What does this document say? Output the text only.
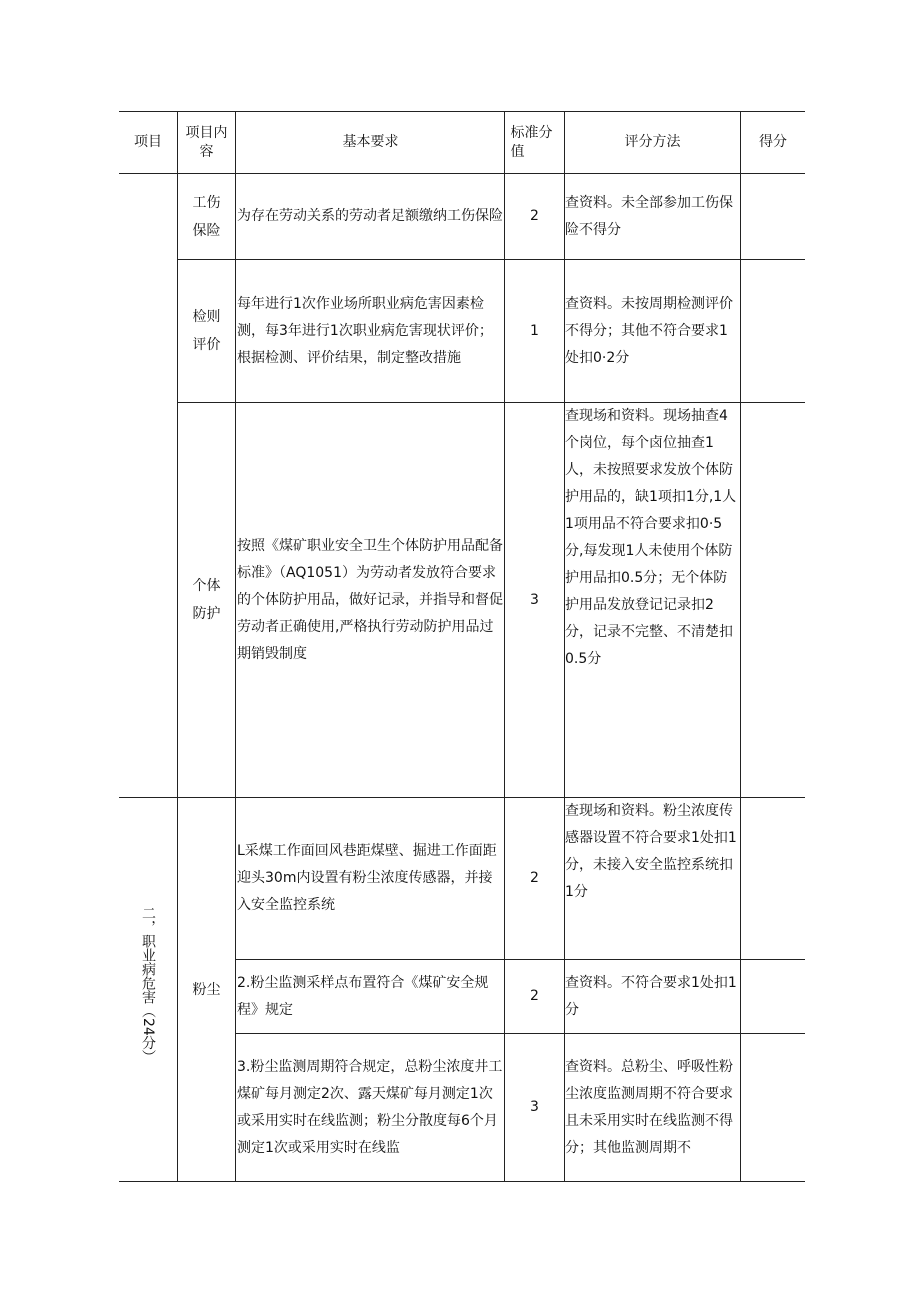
项目	项目内容	基本要求	标准分值	评分方法	得分

	工伤保险	为存在劳动关系的劳动者足额缴纳工伤保险	2	查资料。未全部参加工伤保险不得分	

	检则评价	每年进行1次作业场所职业病危害因素检测，每3年进行1次职业病危害现状评价；根据检测、评价结果，制定整改措施	1	查资料。未按周期检测评价不得分；其他不符合要求1处扣0·2分	

	个体防护	按照《煤矿职业安全卫生个体防护用品配备标准》（AQ1051）为劳动者发放符合要求的个体防护用品，做好记录，并指导和督促劳动者正确使用,严格执行劳动防护用品过期销毁制度	3	查现场和资料。现场抽查4个岗位，每个卤位抽查1人，未按照要求发放个体防护用品的，缺1项扣1分,1人1项用品不符合要求扣0·5分,每发现1人未使用个体防护用品扣0.5分；无个体防护用品发放登记记录扣2分，记录不完整、不清楚扣0.5分	
二，职业病危害（24分）	粉尘	L采煤工作面回风巷距煤壁、掘进工作面距迎头30m内设置有粉尘浓度传感器，并接入安全监控系统	2	查现场和资料。粉尘浓度传感器设置不符合要求1处扣1分，未接入安全监控系统扣1分	
		2.粉尘监测采样点布置符合《煤矿安全规程》规定	2	查资料。不符合要求1处扣1分	
		3.粉尘监测周期符合规定，总粉尘浓度井工煤矿每月测定2次、露天煤矿每月测定1次或采用实时在线监测；粉尘分散度每6个月测定1次或采用实时在线监	3	查资料。总粉尘、呼吸性粉尘浓度监测周期不符合要求且未采用实时在线监测不得分；其他监测周期不	
